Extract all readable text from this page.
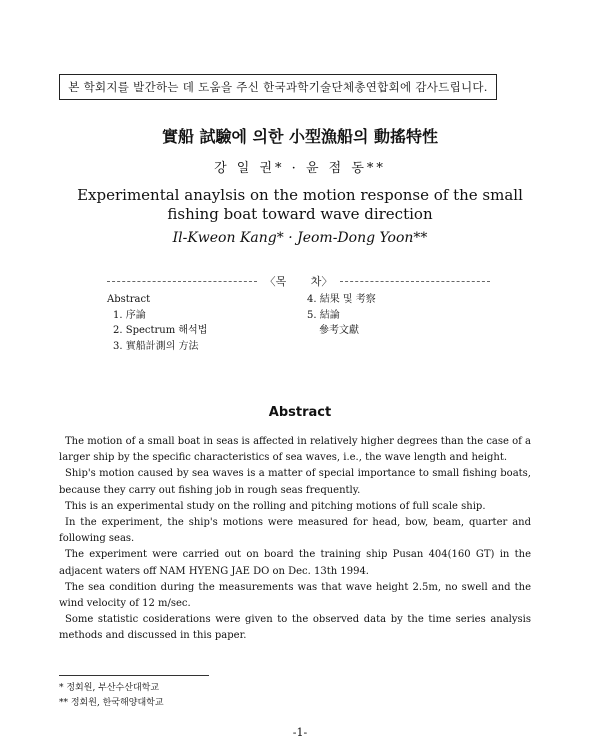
본 학회지를 발간하는 데 도움을 주신 한국과학기술단체총연합회에 감사드립니다.
實船 試驗에 의한 小型漁船의 動搖特性
강 일 권* · 윤 점 동**
Experimental anaylsis on the motion response of the small
fishing boat toward wave direction
Il-Kweon Kang* · Jeom-Dong Yoon**
〈목       차〉
Abstract
1. 序論
2. Spectrum 해석법
3. 實船計測의 方法
4. 結果 및 考察
5. 結論
參考文獻
Abstract

The motion of a small boat in seas is affected in relatively higher degrees than the case of a larger ship by the specific characteristics of sea waves, i.e., the wave length and height.

Ship's motion caused by sea waves is a matter of special importance to small fishing boats, because they carry out fishing job in rough seas frequently.

This is an experimental study on the rolling and pitching motions of full scale ship.

In the experiment, the ship's motions were measured for head, bow, beam, quarter and following seas.

The experiment were carried out on board the training ship Pusan 404(160 GT) in the adjacent waters off NAM HYENG JAE DO on Dec. 13th 1994.

The sea condition during the measurements was that wave height 2.5m, no swell and the wind velocity of 12 m/sec.

Some statistic cosiderations were given to the observed data by the time series analysis methods and discussed in this paper.

* 정회원, 부산수산대학교
** 정회원, 한국해양대학교
-1-
